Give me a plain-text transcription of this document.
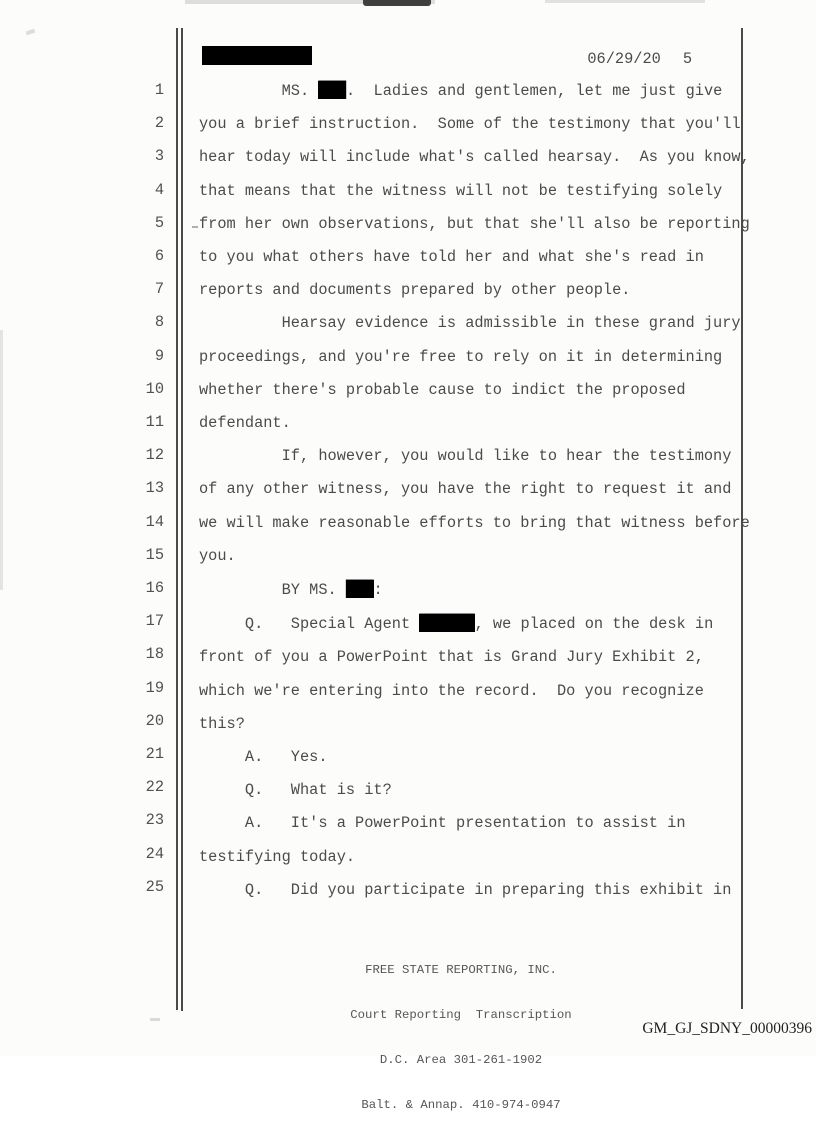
06/29/20 5
1
2
3
4
5
6
7
8
9
10
11
12
13
14
15
16
17
18
19
20
21
22
23
24
25
MS. ███.  Ladies and gentlemen, let me just give
you a brief instruction.  Some of the testimony that you'll
hear today will include what's called hearsay.  As you know,
that means that the witness will not be testifying solely
from her own observations, but that she'll also be reporting
to you what others have told her and what she's read in
reports and documents prepared by other people.
Hearsay evidence is admissible in these grand jury
proceedings, and you're free to rely on it in determining
whether there's probable cause to indict the proposed
defendant.
If, however, you would like to hear the testimony
of any other witness, you have the right to request it and
we will make reasonable efforts to bring that witness before
you.
BY MS. ███:
Q.   Special Agent ██████, we placed on the desk in
front of you a PowerPoint that is Grand Jury Exhibit 2,
which we're entering into the record.  Do you recognize
this?
A.   Yes.
Q.   What is it?
A.   It's a PowerPoint presentation to assist in
testifying today.
Q.   Did you participate in preparing this exhibit in

FREE STATE REPORTING, INC.

Court Reporting  Transcription

D.C. Area 301-261-1902

Balt. & Annap. 410-974-0947

GM_GJ_SDNY_00000396
